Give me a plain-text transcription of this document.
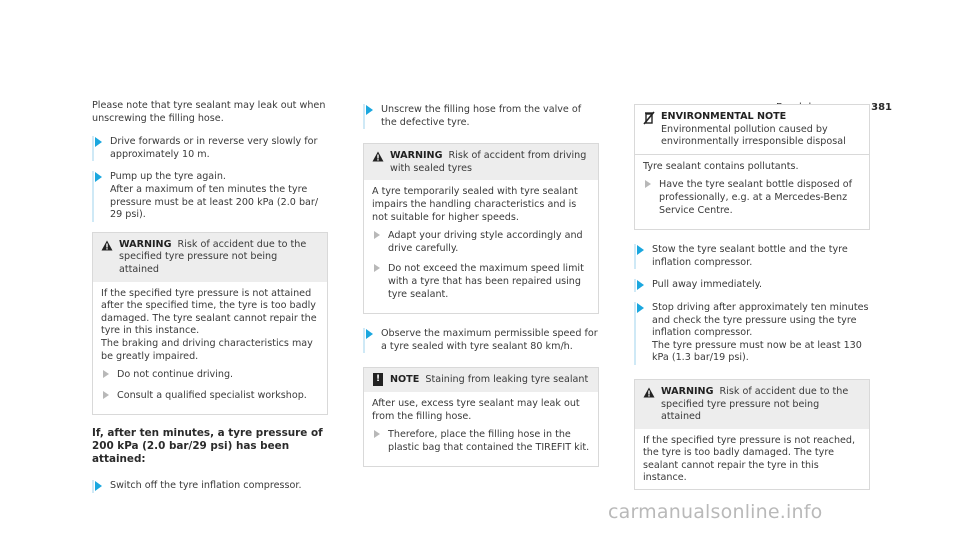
381

Please note that tyre sealant may leak out when unscrewing the filling hose.

Drive forwards or in reverse very slowly for approximately 10 m.
Pump up the tyre again.
After a maximum of ten minutes the tyre pressure must be at least 200 kPa (2.0 bar/ 29 psi).
WARNING Risk of accident due to the specified tyre pressure not being attained

If the specified tyre pressure is not attained after the specified time, the tyre is too badly damaged. The tyre sealant cannot repair the tyre in this instance.
The braking and driving characteristics may be greatly impaired.

Do not continue driving.
Consult a qualified specialist workshop.
If, after ten minutes, a tyre pressure of 200 kPa (2.0 bar/29 psi) has been attained:
Switch off the tyre inflation compressor.
Unscrew the filling hose from the valve of the defective tyre.
WARNING Risk of accident from driving with sealed tyres

A tyre temporarily sealed with tyre sealant impairs the handling characteristics and is not suitable for higher speeds.

Adapt your driving style accordingly and drive carefully.
Do not exceed the maximum speed limit with a tyre that has been repaired using tyre sealant.
Observe the maximum permissible speed for a tyre sealed with tyre sealant 80 km/h.
!	NOTE Staining from leaking tyre sealant

After use, excess tyre sealant may leak out from the filling hose.

Therefore, place the filling hose in the plastic bag that contained the TIREFIT kit.
ENVIRONMENTAL NOTE Environmental pollution caused by environmentally irresponsible disposal

Tyre sealant contains pollutants.

Have the tyre sealant bottle disposed of professionally, e.g. at a Mercedes-Benz Service Centre.
Stow the tyre sealant bottle and the tyre inflation compressor.
Pull away immediately.
Stop driving after approximately ten minutes and check the tyre pressure using the tyre inflation compressor.
The tyre pressure must now be at least 130 kPa (1.3 bar/19 psi).
WARNING Risk of accident due to the specified tyre pressure not being attained

If the specified tyre pressure is not reached, the tyre is too badly damaged. The tyre sealant cannot repair the tyre in this instance.

carmanualsonline.info
